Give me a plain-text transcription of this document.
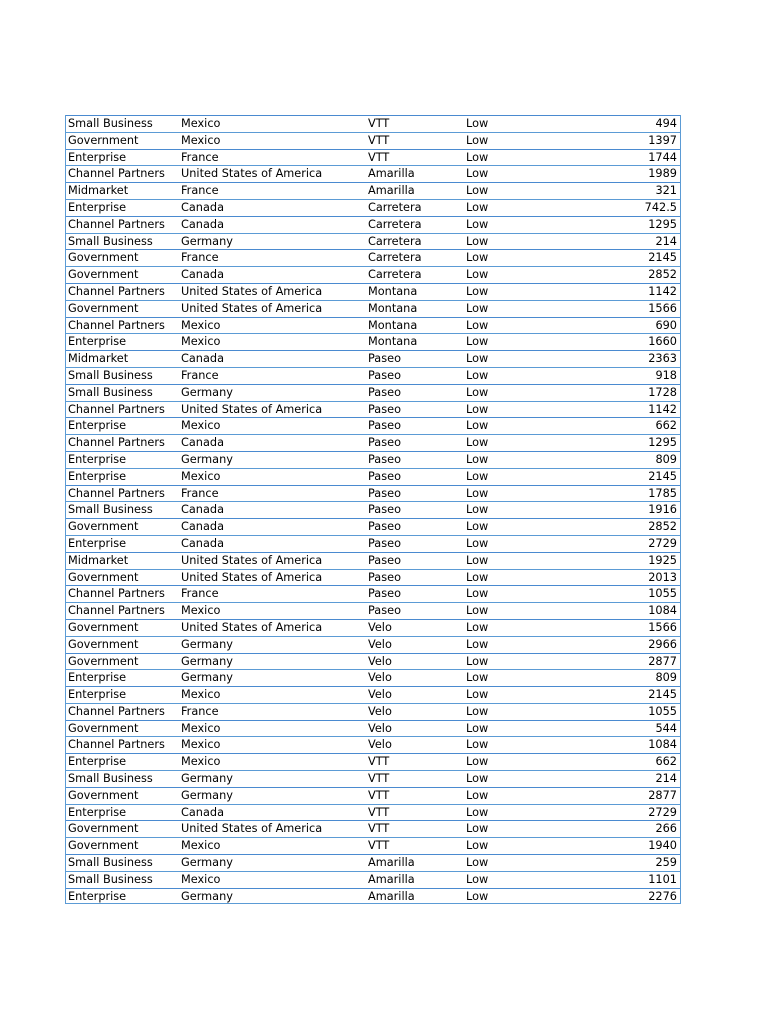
Small Business	Mexico	VTT	Low	494
Government	Mexico	VTT	Low	1397
Enterprise	France	VTT	Low	1744
Channel Partners	United States of America	Amarilla	Low	1989
Midmarket	France	Amarilla	Low	321
Enterprise	Canada	Carretera	Low	742.5
Channel Partners	Canada	Carretera	Low	1295
Small Business	Germany	Carretera	Low	214
Government	France	Carretera	Low	2145
Government	Canada	Carretera	Low	2852
Channel Partners	United States of America	Montana	Low	1142
Government	United States of America	Montana	Low	1566
Channel Partners	Mexico	Montana	Low	690
Enterprise	Mexico	Montana	Low	1660
Midmarket	Canada	Paseo	Low	2363
Small Business	France	Paseo	Low	918
Small Business	Germany	Paseo	Low	1728
Channel Partners	United States of America	Paseo	Low	1142
Enterprise	Mexico	Paseo	Low	662
Channel Partners	Canada	Paseo	Low	1295
Enterprise	Germany	Paseo	Low	809
Enterprise	Mexico	Paseo	Low	2145
Channel Partners	France	Paseo	Low	1785
Small Business	Canada	Paseo	Low	1916
Government	Canada	Paseo	Low	2852
Enterprise	Canada	Paseo	Low	2729
Midmarket	United States of America	Paseo	Low	1925
Government	United States of America	Paseo	Low	2013
Channel Partners	France	Paseo	Low	1055
Channel Partners	Mexico	Paseo	Low	1084
Government	United States of America	Velo	Low	1566
Government	Germany	Velo	Low	2966
Government	Germany	Velo	Low	2877
Enterprise	Germany	Velo	Low	809
Enterprise	Mexico	Velo	Low	2145
Channel Partners	France	Velo	Low	1055
Government	Mexico	Velo	Low	544
Channel Partners	Mexico	Velo	Low	1084
Enterprise	Mexico	VTT	Low	662
Small Business	Germany	VTT	Low	214
Government	Germany	VTT	Low	2877
Enterprise	Canada	VTT	Low	2729
Government	United States of America	VTT	Low	266
Government	Mexico	VTT	Low	1940
Small Business	Germany	Amarilla	Low	259
Small Business	Mexico	Amarilla	Low	1101
Enterprise	Germany	Amarilla	Low	2276
